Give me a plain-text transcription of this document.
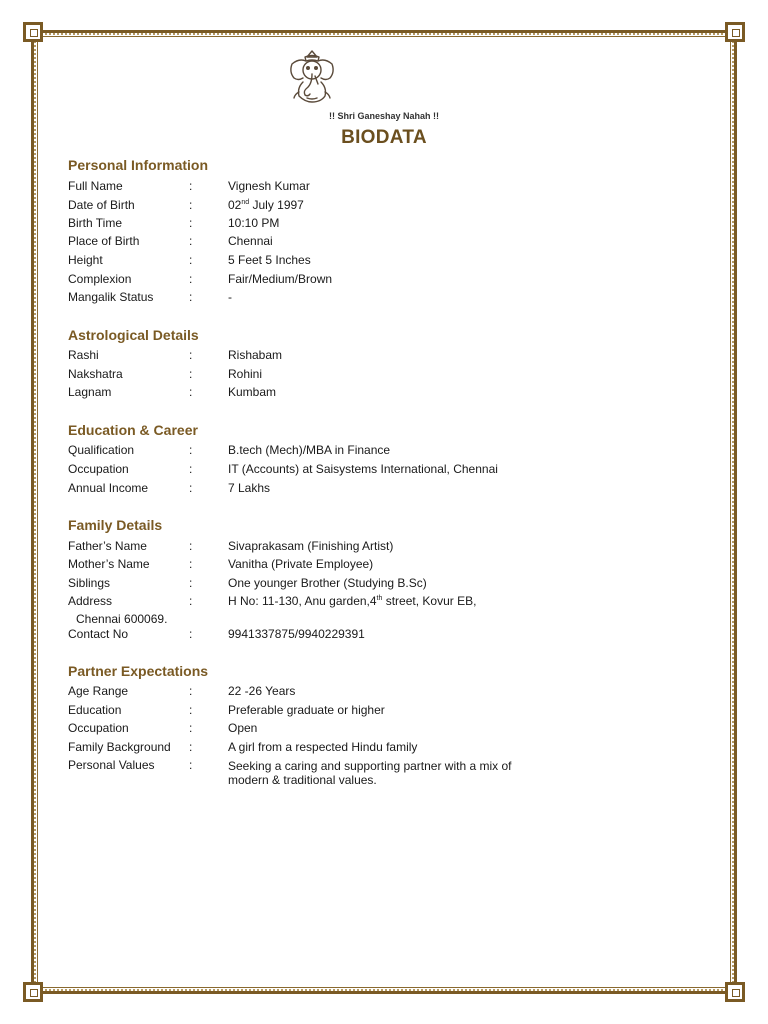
!! Shri Ganeshay Nahah !!
BIODATA
Personal Information
Full Name	:	Vignesh Kumar
Date of Birth	:	02nd July 1997
Birth Time	:	10:10 PM
Place of Birth	:	Chennai
Height	:	5 Feet 5 Inches
Complexion	:	Fair/Medium/Brown
Mangalik Status	:	-
Astrological Details
Rashi	:	Rishabam
Nakshatra	:	Rohini
Lagnam	:	Kumbam
Education & Career
Qualification	:	B.tech (Mech)/MBA in Finance
Occupation	:	IT (Accounts) at Saisystems International, Chennai
Annual Income	:	7 Lakhs
Family Details
Father’s Name	:	Sivaprakasam (Finishing Artist)
Mother’s Name	:	Vanitha (Private Employee)
Siblings	:	One younger Brother (Studying B.Sc)
Address	:	H No: 11-130, Anu garden,4th street, Kovur EB,
Chennai 600069.
Contact No	:	9941337875/9940229391
Partner Expectations
Age Range	:	22 -26 Years
Education	:	Preferable graduate or higher
Occupation	:	Open
Family Background :	A girl from a respected Hindu family
Personal Values	:	Seeking a caring and supporting partner with a mix of modern & traditional values.
